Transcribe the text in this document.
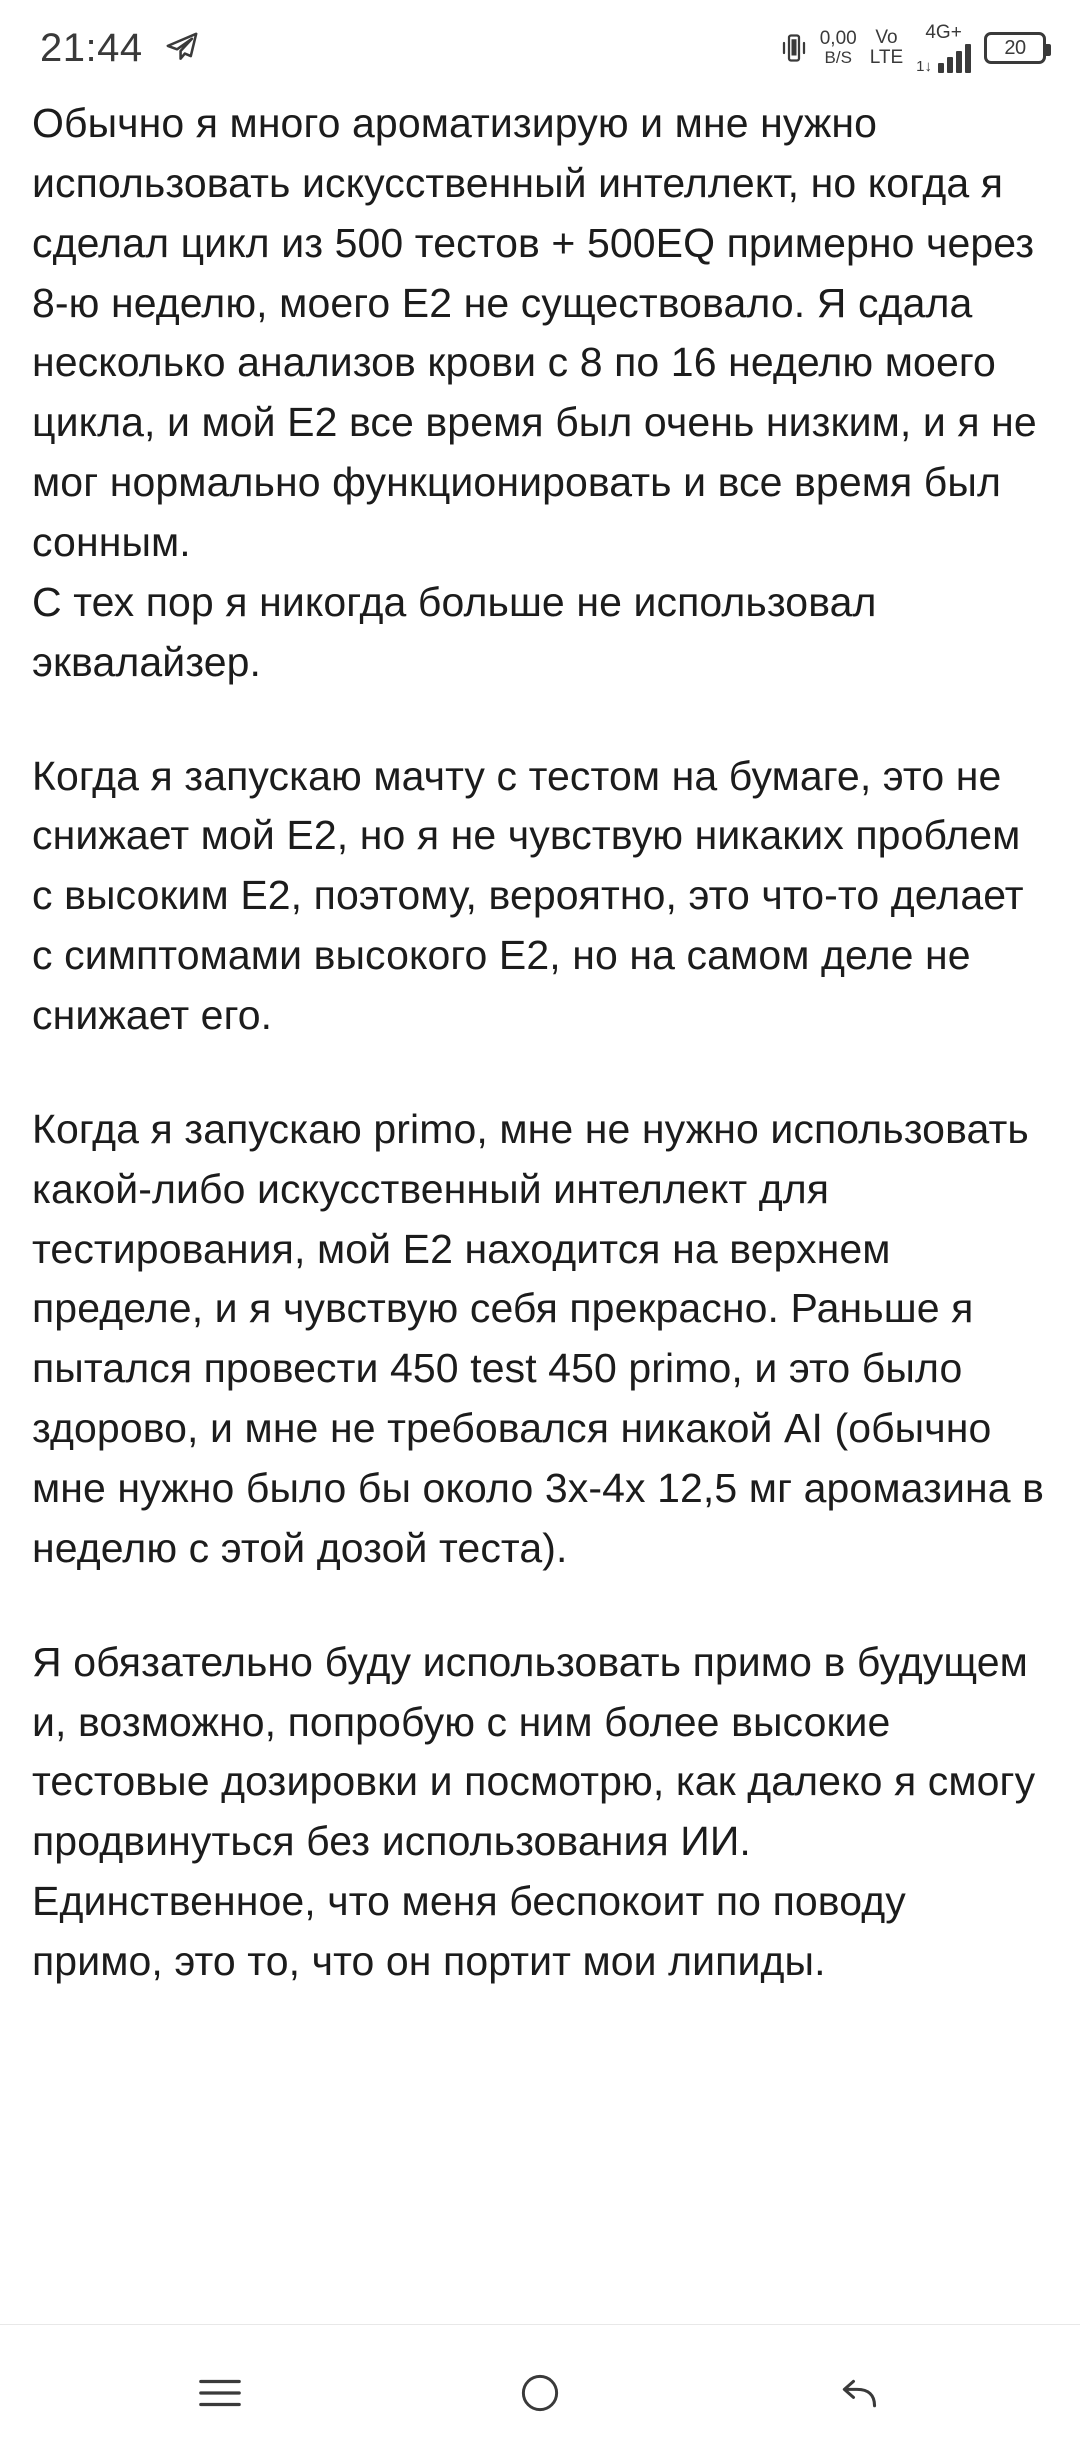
21:44	0,00
B/S
Vo
LTE
4G+
1↓
20

Обычно я много ароматизирую и мне нужно использовать искусственный интеллект, но когда я сделал цикл из 500 тестов + 500EQ примерно через 8-ю неделю, моего E2 не существовало. Я сдала несколько анализов крови с 8 по 16 неделю моего цикла, и мой E2 все время был очень низким, и я не мог нормально функционировать и все время был сонным.

С тех пор я никогда больше не использовал эквалайзер.

Когда я запускаю мачту с тестом на бумаге, это не снижает мой E2, но я не чувствую никаких проблем с высоким E2, поэтому, вероятно, это что-то делает с симптомами высокого E2, но на самом деле не снижает его.

Когда я запускаю primo, мне не нужно использовать какой-либо искусственный интеллект для тестирования, мой E2 находится на верхнем пределе, и я чувствую себя прекрасно. Раньше я пытался провести 450 test 450 primo, и это было здорово, и мне не требовался никакой AI (обычно мне нужно было бы около 3х-4х 12,5 мг аромазина в неделю с этой дозой теста).

Я обязательно буду использовать примо в будущем и, возможно, попробую с ним более высокие тестовые дозировки и посмотрю, как далеко я смогу продвинуться без использования ИИ.

Единственное, что меня беспокоит по поводу примо, это то, что он портит мои липиды.
